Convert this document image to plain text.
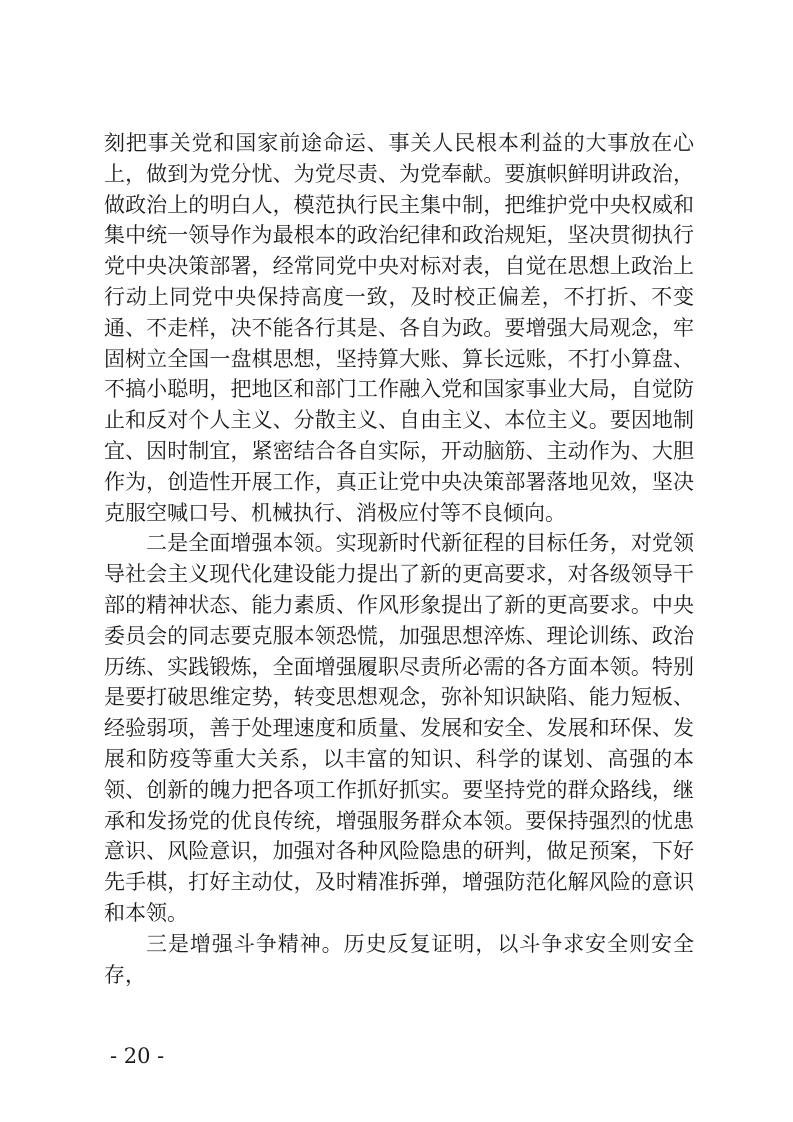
刻把事关党和国家前途命运、事关人民根本利益的大事放在心上，做到为党分忧、为党尽责、为党奉献。要旗帜鲜明讲政治，做政治上的明白人，模范执行民主集中制，把维护党中央权威和集中统一领导作为最根本的政治纪律和政治规矩，坚决贯彻执行党中央决策部署，经常同党中央对标对表，自觉在思想上政治上行动上同党中央保持高度一致，及时校正偏差，不打折、不变通、不走样，决不能各行其是、各自为政。要增强大局观念，牢固树立全国一盘棋思想，坚持算大账、算长远账，不打小算盘、不搞小聪明，把地区和部门工作融入党和国家事业大局，自觉防止和反对个人主义、分散主义、自由主义、本位主义。要因地制宜、因时制宜，紧密结合各自实际，开动脑筋、主动作为、大胆作为，创造性开展工作，真正让党中央决策部署落地见效，坚决克服空喊口号、机械执行、消极应付等不良倾向。

二是全面增强本领。实现新时代新征程的目标任务，对党领导社会主义现代化建设能力提出了新的更高要求，对各级领导干部的精神状态、能力素质、作风形象提出了新的更高要求。中央委员会的同志要克服本领恐慌，加强思想淬炼、理论训练、政治历练、实践锻炼，全面增强履职尽责所必需的各方面本领。特别是要打破思维定势，转变思想观念，弥补知识缺陷、能力短板、经验弱项，善于处理速度和质量、发展和安全、发展和环保、发展和防疫等重大关系，以丰富的知识、科学的谋划、高强的本领、创新的魄力把各项工作抓好抓实。要坚持党的群众路线，继承和发扬党的优良传统，增强服务群众本领。要保持强烈的忧患意识、风险意识，加强对各种风险隐患的研判，做足预案，下好先手棋，打好主动仗，及时精准拆弹，增强防范化解风险的意识和本领。

三是增强斗争精神。历史反复证明，以斗争求安全则安全存，

- 20 -
